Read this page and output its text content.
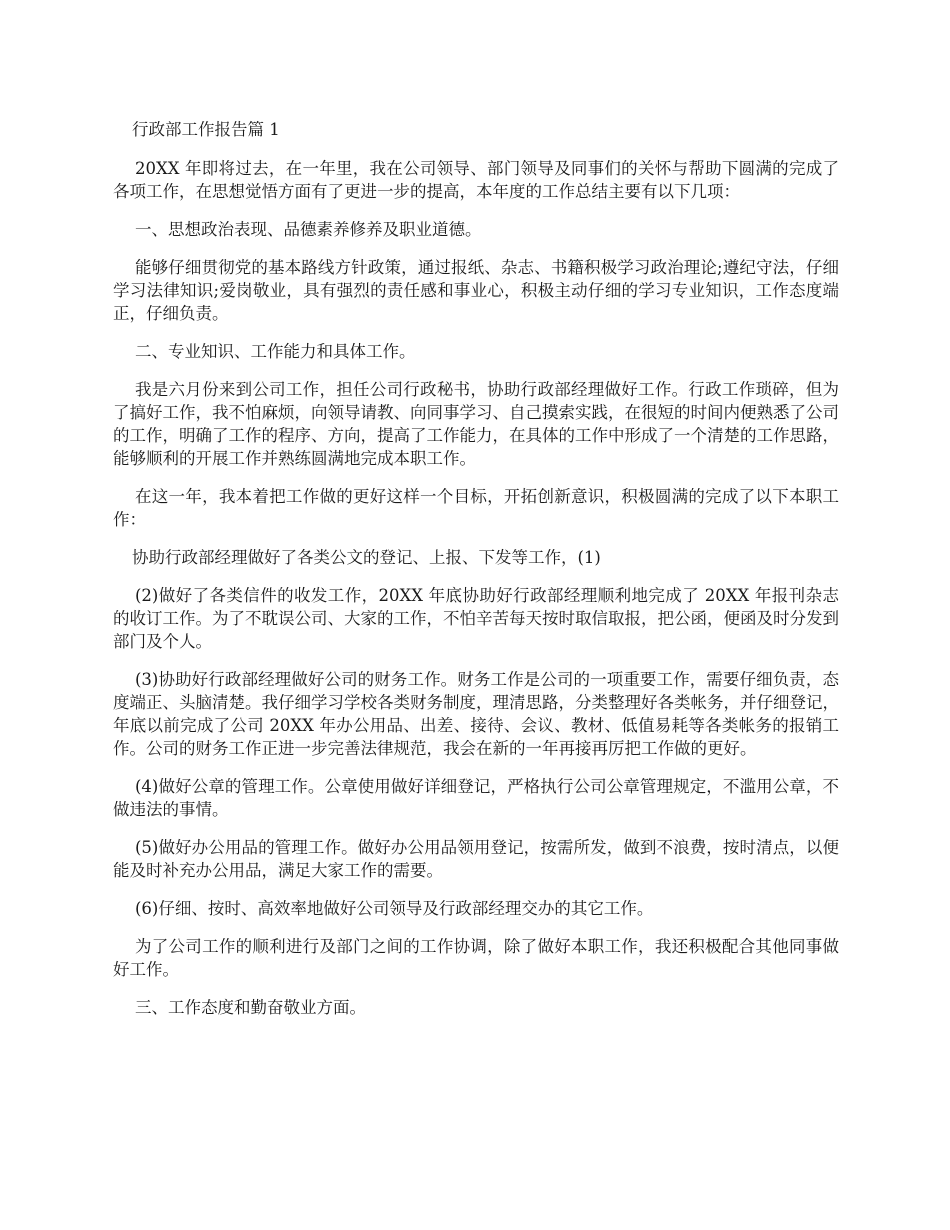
行政部工作报告篇 1

20XX 年即将过去，在一年里，我在公司领导、部门领导及同事们的关怀与帮助下圆满的完成了各项工作，在思想觉悟方面有了更进一步的提高，本年度的工作总结主要有以下几项：

一、思想政治表现、品德素养修养及职业道德。

能够仔细贯彻党的基本路线方针政策，通过报纸、杂志、书籍积极学习政治理论;遵纪守法，仔细学习法律知识;爱岗敬业，具有强烈的责任感和事业心，积极主动仔细的学习专业知识，工作态度端正，仔细负责。

二、专业知识、工作能力和具体工作。

我是六月份来到公司工作，担任公司行政秘书，协助行政部经理做好工作。行政工作琐碎，但为了搞好工作，我不怕麻烦，向领导请教、向同事学习、自己摸索实践，在很短的时间内便熟悉了公司的工作，明确了工作的程序、方向，提高了工作能力，在具体的工作中形成了一个清楚的工作思路，能够顺利的开展工作并熟练圆满地完成本职工作。

在这一年，我本着把工作做的更好这样一个目标，开拓创新意识，积极圆满的完成了以下本职工作：

协助行政部经理做好了各类公文的登记、上报、下发等工作，(1)

(2)做好了各类信件的收发工作，20XX 年底协助好行政部经理顺利地完成了 20XX 年报刊杂志的收订工作。为了不耽误公司、大家的工作，不怕辛苦每天按时取信取报，把公函，便函及时分发到部门及个人。

(3)协助好行政部经理做好公司的财务工作。财务工作是公司的一项重要工作，需要仔细负责，态度端正、头脑清楚。我仔细学习学校各类财务制度，理清思路，分类整理好各类帐务，并仔细登记，年底以前完成了公司 20XX 年办公用品、出差、接待、会议、教材、低值易耗等各类帐务的报销工作。公司的财务工作正进一步完善法律规范，我会在新的一年再接再厉把工作做的更好。

(4)做好公章的管理工作。公章使用做好详细登记，严格执行公司公章管理规定，不滥用公章，不做违法的事情。

(5)做好办公用品的管理工作。做好办公用品领用登记，按需所发，做到不浪费，按时清点，以便能及时补充办公用品，满足大家工作的需要。

(6)仔细、按时、高效率地做好公司领导及行政部经理交办的其它工作。

为了公司工作的顺利进行及部门之间的工作协调，除了做好本职工作，我还积极配合其他同事做好工作。

三、工作态度和勤奋敬业方面。
